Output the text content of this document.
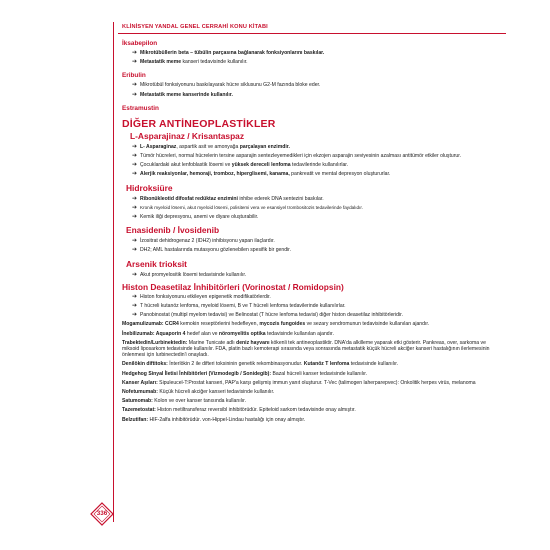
KLİNİSYEN YANDAL GENEL CERRAHİ KONU KİTABI
İksabepilon
➔ Mikrotübüllerin beta – tübülin parçasına bağlanarak fonksiyonlarını baskılar.
➔ Metastatik meme kanseri tedavisinde kullanılır.
Eribulin
➔ Mikrotübül fonksiyonunu baskılayarak hücre siklusunu G2-M fazında bloke eder.
➔ Metastatik meme kanserinde kullanılır.
Estramustin
DİĞER ANTİNEOPLASTİKLER
L-Asparajinaz / Krisantaspaz
➔ L- Asparaginaz, aspartik asit ve amonyağa parçalayan enzimdir.
➔ Tümör hücreleri, normal hücrelerin tersine asparajin sentezleyemedikleri için ekzojen asparajin seviyesinin azalması antitümör etkiler oluşturur.
➔ Çocuklardaki akut lenfoblastik lösemi ve yüksek dereceli lenfoma tedavilerinde kullanılırlar.
➔ Alerjik reaksiyonlar, hemoraji, tromboz, hiperglisemi, kanama, pankreatit ve mental depresyon oluştururlar.
Hidroksiüre
➔ Ribonükleotid difosfat redüktaz enzimini inhibe ederek DNA sentezini baskılar.
➔ Kronik myeloid lösemi, akut myeloid lösemi, polisitemi vera ve esansiyel trombositozis tedavilerinde faydalıdır.
➔ Kemik iliği depresyonu, anemi ve diyare oluşturabilir.
Enasidenib / İvosidenib
➔ İzositrat dehidrogenaz 2 (IDH2) inhibisyonu yapan ilaçlardır.
➔ DH2; AML hastalarında mutasyonu gözlenebilen spesifik bir gendir.
Arsenik trioksit
➔ Akut promyelositik lösemi tedavisinde kullanılır.
Histon Deasetilaz İnhibitörleri (Vorinostat / Romidopsin)
➔ Histon fonksiyonunu etkileyen epigenetik modifikatörlerdir.
➔ T hücreli kutanöz lenfoma, myeloid lösemi, B ve T hücreli lenfoma tedavilerinde kullanılırlar.
➔ Panobinostat (multipl myelom tedavisi) ve Belinostat (T hücre lenfoma tedavisi) diğer histon deasetilaz inhibitörleridir.
Mogamulizumab: CCR4 kemokin reseptörlerini hedefleyen, mycozis fungoides ve sezary sendromunun tedavisinde kullanılan ajandır.
İnebilizumab: Aquaporin 4 hedef alan ve nöromyelitis optika tedavisinde kullanılan ajandır.
Trabektedin/Lurbinektedin: Marine Tunicate adlı deniz hayvanı kökenli tek antineoplastiktir. DNA'da alkilleme yaparak etki gösterir. Pankreas, over, sarkoma ve miksoid liposarkom tedavisinde kullanılır. FDA, platin bazlı kemoterapi sırasında veya sonrasında metastatik küçük hücreli akciğer kanseri hastalığının ilerlemesinin önlenmesi için lurbinectedin'i onayladı.
Denilökin diftitoks: İnterlökin 2 ile difteri toksininin genetik rekombinasyonudur. Kutanöz T lenfoma tedavisinde kullanılır.
Hedgehog Sinyal İletisi İnhibitörleri (Vizmodegib / Sonidegib): Bazal hücreli kanser tedavisinde kullanılır.
Kanser Aşıları: Sipuleucel-T:Prostat kanseri, PAP'a karşı gelişmiş immun yanıt oluşturur. T-Vec (talimogen laherparepvec): Onkolitik herpes virüs, melanoma
Nofetumumab: Küçük hücreli akciğer kanseri tedavisinde kullanılır.
Satumomab: Kolon ve over kanser tanısında kullanılır.
Tazemetostat: Histon metiltransferaz reversibl inhibitörüdür. Epiteloid sarkom tedavisinde onay almıştır.
Belzutifan: HIF-2alfa inhibitörüdür. von-Hippel-Lindau hastalığı için onay almıştır.
336
